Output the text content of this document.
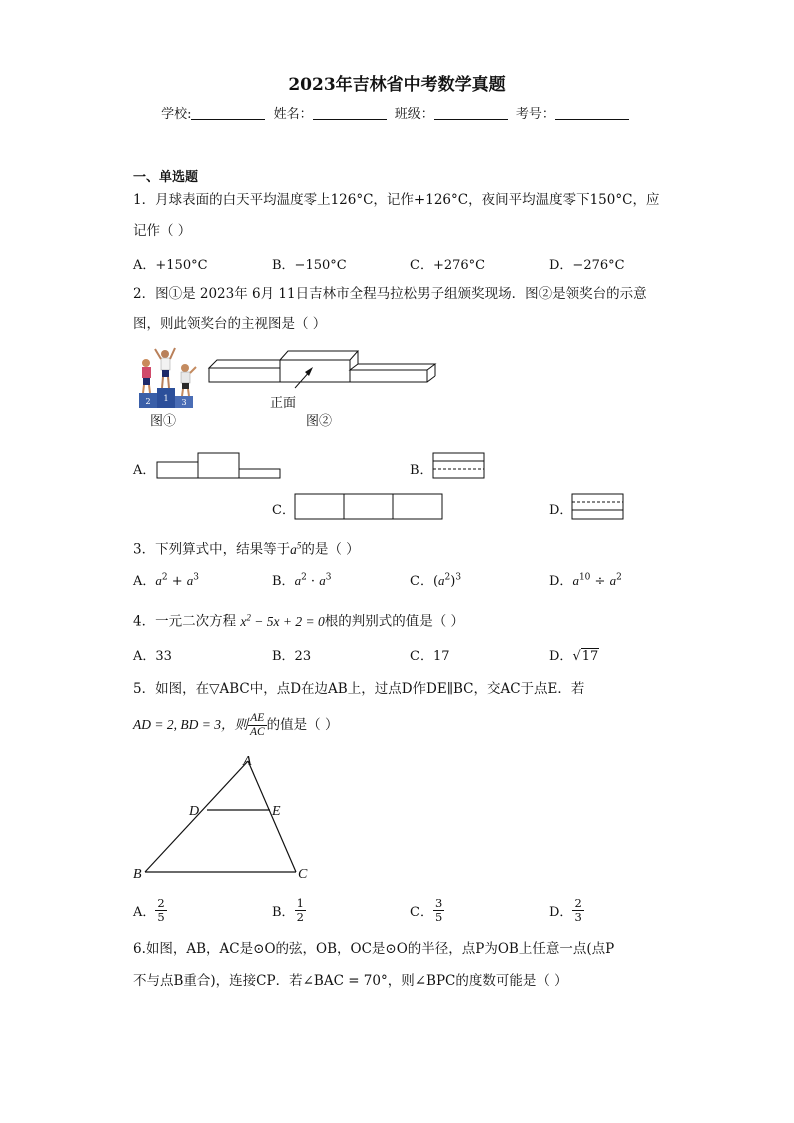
2023年吉林省中考数学真题
学校:	姓名：	班级：	考号：
一、单选题
1．月球表面的白天平均温度零上126°C，记作+126°C，夜间平均温度零下150°C，应
记作（ ）
A．+150°C	B．−150°C	C．+276°C	D．−276°C
2．图①是 2023年 6月 11日吉林市全程马拉松男子组颁奖现场．图②是领奖台的示意
图，则此领奖台的主视图是（ ）
2 1 3
图①
正面
图②
A．	B．
C．	D．
3．下列算式中，结果等于$a^5$的是（ ）
A．$a^2 + a^3$	B．$a^2 \cdot a^3$	C．$(a^2)^3$	D．$a^{10} \div a^2$
4．一元二次方程 $x^2 - 5x + 2 = 0$根的判别式的值是（ ）
A．33	B．23	C．17	D．√17
5．如图，在▽ABC中，点D在边AB上，过点D作DE∥BC，交AC于点E．若
AD = 2, BD = 3，则 $\frac{AE}{AC}$ 的值是（ ）
A
B	C
D	E
A． $\frac{2}{5}$	B． $\frac{1}{2}$	C． $\frac{3}{5}$	D． $\frac{2}{3}$
6.如图，AB，AC是⊙O的弦，OB，OC是⊙O的半径，点P为OB上任意一点(点P
不与点B重合)，连接CP．若∠BAC = 70°，则∠BPC的度数可能是（ ）
